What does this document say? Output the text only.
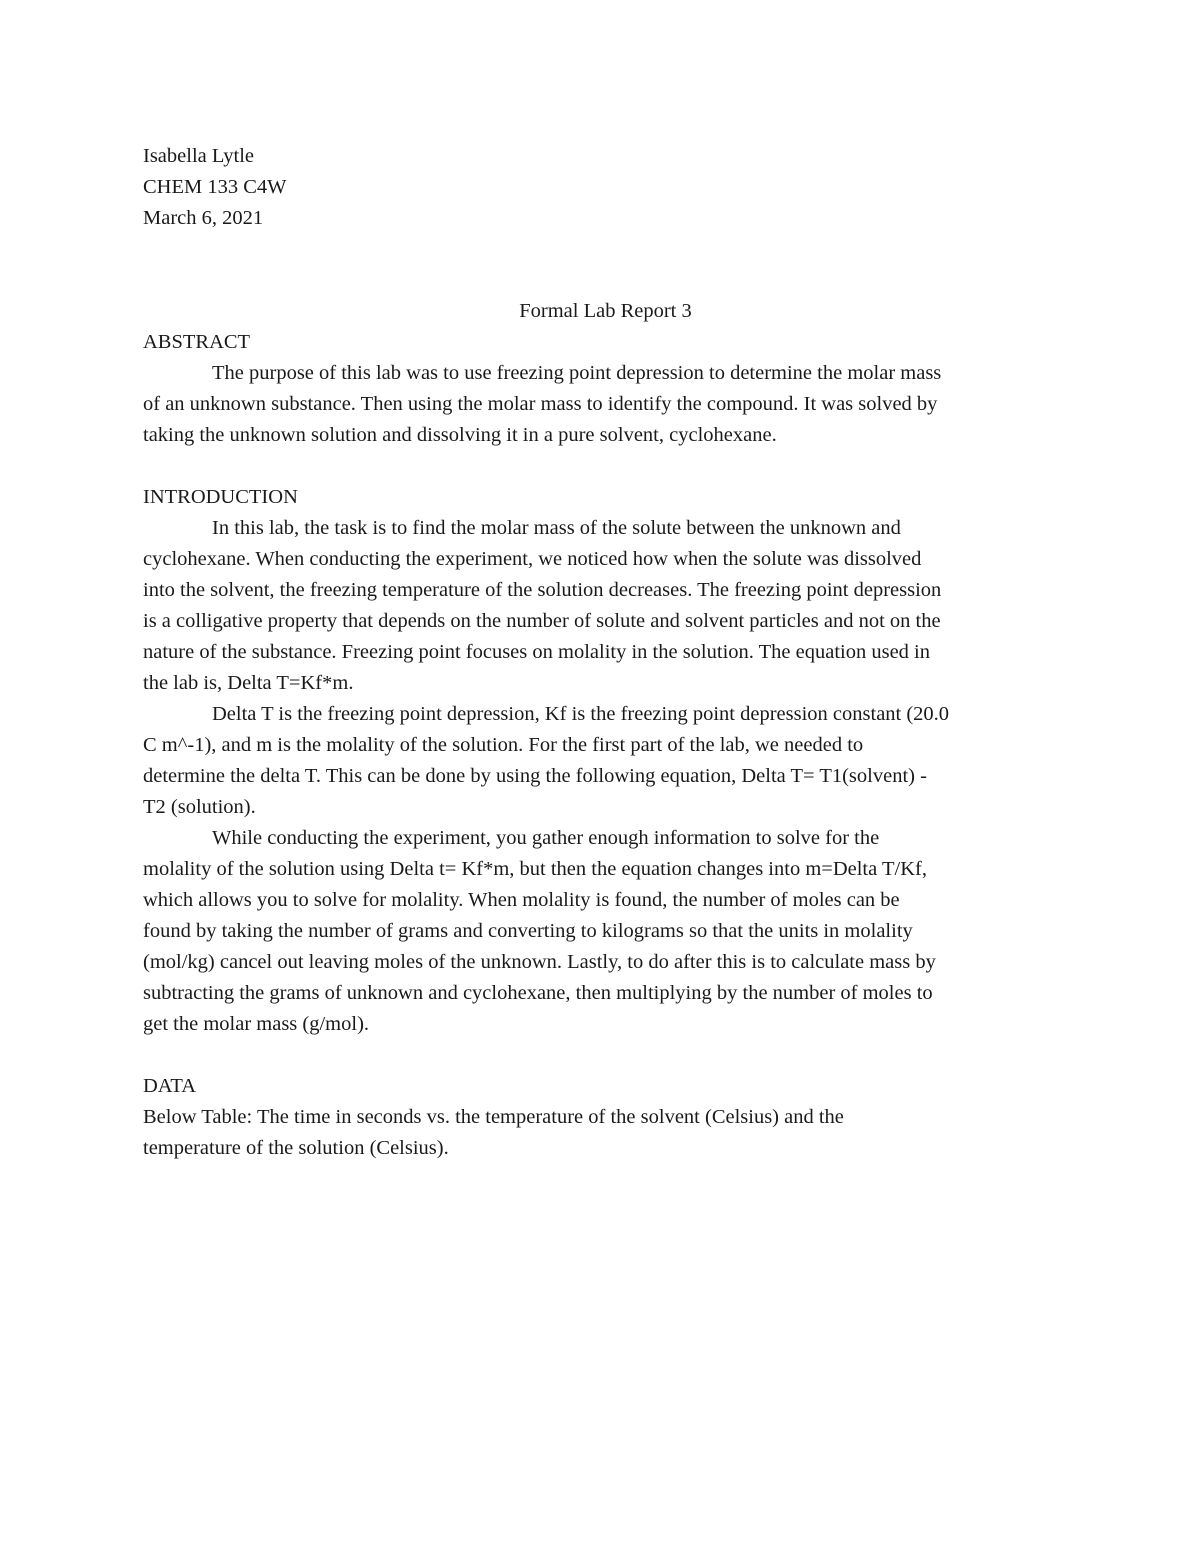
Isabella Lytle
CHEM 133 C4W
March 6, 2021
Formal Lab Report 3
ABSTRACT
The purpose of this lab was to use freezing point depression to determine the molar mass
of an unknown substance. Then using the molar mass to identify the compound. It was solved by
taking the unknown solution and dissolving it in a pure solvent, cyclohexane.
INTRODUCTION
In this lab, the task is to find the molar mass of the solute between the unknown and
cyclohexane. When conducting the experiment, we noticed how when the solute was dissolved
into the solvent, the freezing temperature of the solution decreases. The freezing point depression
is a colligative property that depends on the number of solute and solvent particles and not on the
nature of the substance. Freezing point focuses on molality in the solution. The equation used in
the lab is, Delta T=Kf*m.
Delta T is the freezing point depression, Kf is the freezing point depression constant (20.0
C m^-1), and m is the molality of the solution. For the first part of the lab, we needed to
determine the delta T. This can be done by using the following equation, Delta T= T1(solvent) -
T2 (solution).
While conducting the experiment, you gather enough information to solve for the
molality of the solution using Delta t= Kf*m, but then the equation changes into m=Delta T/Kf,
which allows you to solve for molality. When molality is found, the number of moles can be
found by taking the number of grams and converting to kilograms so that the units in molality
(mol/kg) cancel out leaving moles of the unknown. Lastly, to do after this is to calculate mass by
subtracting the grams of unknown and cyclohexane, then multiplying by the number of moles to
get the molar mass (g/mol).
DATA
Below Table: The time in seconds vs. the temperature of the solvent (Celsius) and the
temperature of the solution (Celsius).
